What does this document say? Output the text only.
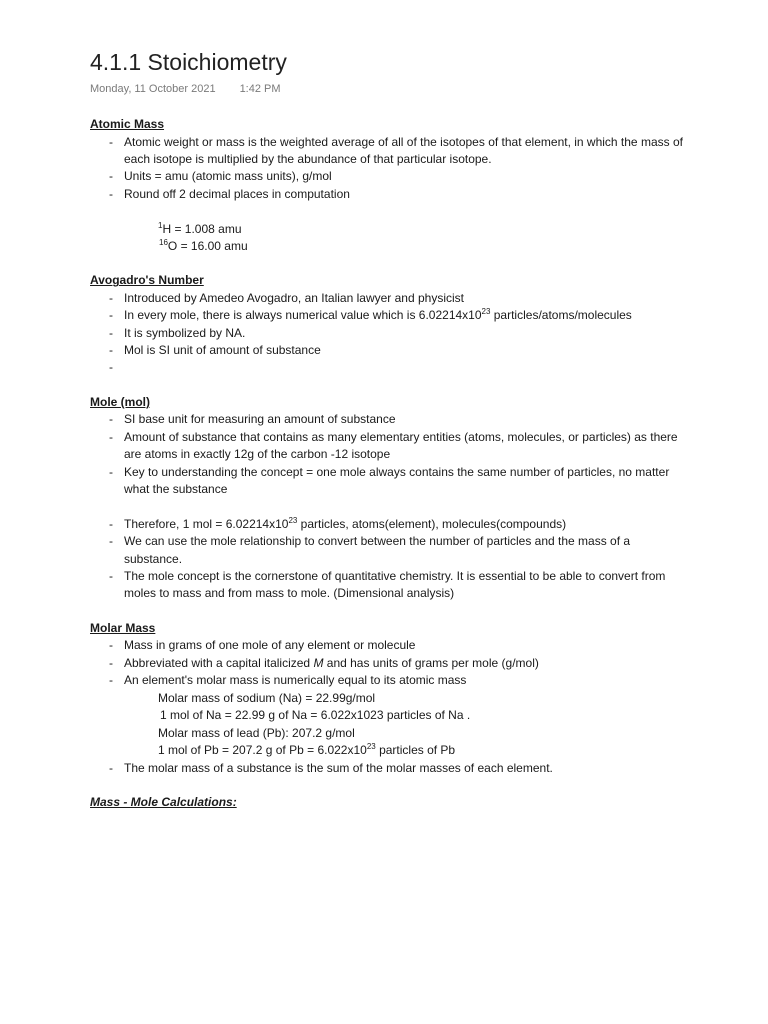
4.1.1 Stoichiometry
Monday, 11 October 2021 1:42 PM
Atomic Mass
- Atomic weight or mass is the weighted average of all of the isotopes of that element, in which the mass of each isotope is multiplied by the abundance of that particular isotope.
- Units = amu (atomic mass units), g/mol
- Round off 2 decimal places in computation
$^1$H = 1.008 amu
$^{16}$O = 16.00 amu
Avogadro's Number
- Introduced by Amedeo Avogadro, an Italian lawyer and physicist
- In every mole, there is always numerical value which is $6.02214x10^{23}$ particles/atoms/molecules
- It is symbolized by NA.
- Mol is SI unit of amount of substance
-
Mole (mol)
- SI base unit for measuring an amount of substance
- Amount of substance that contains as many elementary entities (atoms, molecules, or particles) as there are atoms in exactly 12g of the carbon -12 isotope
- Key to understanding the concept = one mole always contains the same number of particles, no matter what the substance
- Therefore, 1 mol = $6.02214x10^{23}$ particles, atoms(element), molecules(compounds)
- We can use the mole relationship to convert between the number of particles and the mass of a substance.
- The mole concept is the cornerstone of quantitative chemistry. It is essential to be able to convert from moles to mass and from mass to mole. (Dimensional analysis)
Molar Mass
- Mass in grams of one mole of any element or molecule
- Abbreviated with a capital italicized M and has units of grams per mole (g/mol)
- An element's molar mass is numerically equal to its atomic mass
Molar mass of sodium (Na) = 22.99g/mol
1 mol of Na = 22.99 g of Na = 6.022x1023 particles of Na .
Molar mass of lead (Pb): 207.2 g/mol
1 mol of Pb = 207.2 g of $Pb = 6.022x10^{23}$ particles of Pb
- The molar mass of a substance is the sum of the molar masses of each element.
Mass - Mole Calculations:
